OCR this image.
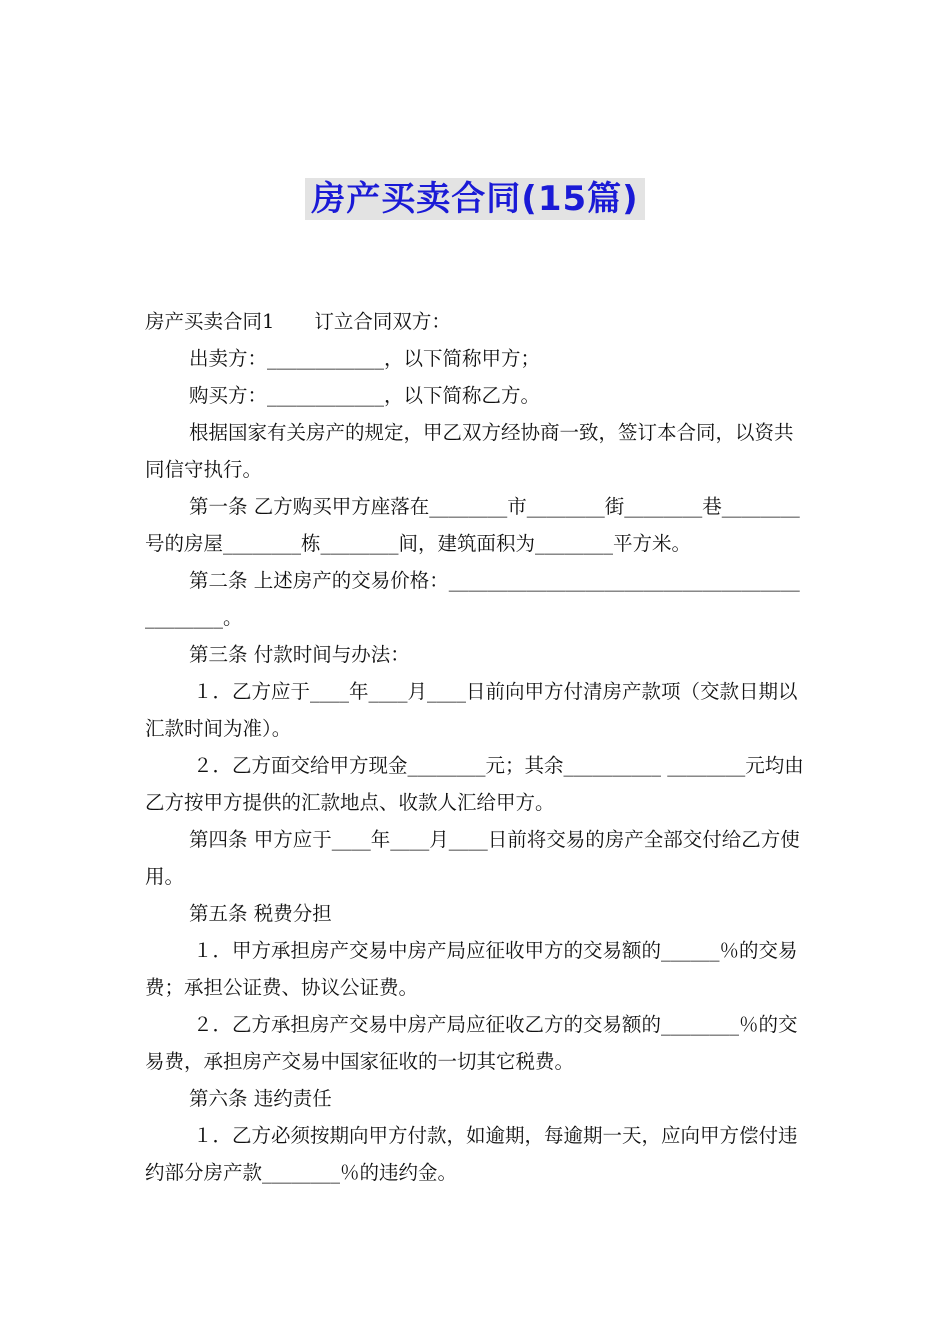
房产买卖合同(15篇)

房产买卖合同1 订立合同双方：

出卖方：____________，以下简称甲方；

购买方：____________，以下简称乙方。

根据国家有关房产的规定，甲乙双方经协商一致，签订本合同，以资共同信守执行。

第一条 乙方购买甲方座落在________市________街________巷________号的房屋________栋________间，建筑面积为________平方米。

第二条 上述房产的交易价格：____________________________________________。

第三条 付款时间与办法：

１．乙方应于____年____月____日前向甲方付清房产款项（交款日期以汇款时间为准）。

２．乙方面交给甲方现金________元；其余__________ ________元均由乙方按甲方提供的汇款地点、收款人汇给甲方。

第四条 甲方应于____年____月____日前将交易的房产全部交付给乙方使用。

第五条 税费分担

１．甲方承担房产交易中房产局应征收甲方的交易额的______％的交易费；承担公证费、协议公证费。

２．乙方承担房产交易中房产局应征收乙方的交易额的________％的交易费，承担房产交易中国家征收的一切其它税费。

第六条 违约责任

１．乙方必须按期向甲方付款，如逾期，每逾期一天，应向甲方偿付违约部分房产款________％的违约金。
